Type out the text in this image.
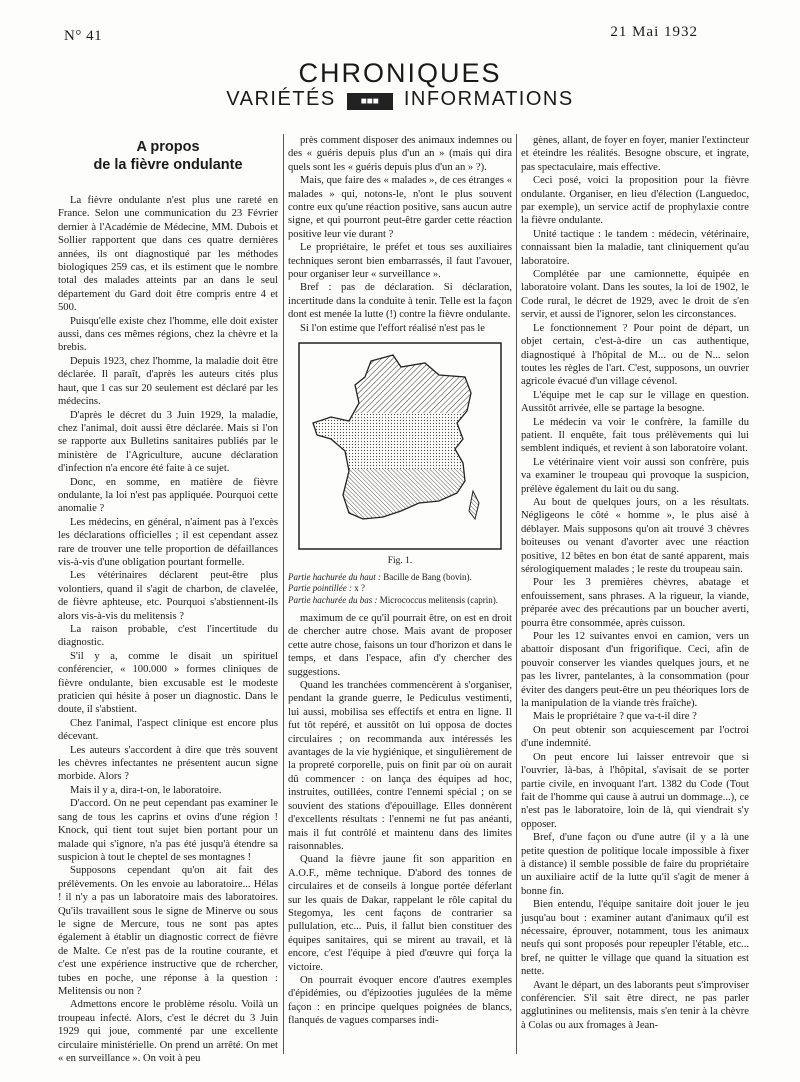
N° 41	21 Mai 1932
CHRONIQUES
VARIÉTÉS	■■■ INFORMATIONS
A propos
de la fièvre ondulante

La fièvre ondulante n'est plus une rareté en France. Selon une communication du 23 Février dernier à l'Académie de Médecine, MM. Dubois et Sollier rapportent que dans ces quatre dernières années, ils ont diagnostiqué par les méthodes biologiques 259 cas, et ils estiment que le nombre total des malades atteints par an dans le seul département du Gard doit être compris entre 4 et 500.

Puisqu'elle existe chez l'homme, elle doit exister aussi, dans ces mêmes régions, chez la chèvre et la brebis.

Depuis 1923, chez l'homme, la maladie doit être déclarée. Il paraît, d'après les auteurs cités plus haut, que 1 cas sur 20 seulement est déclaré par les médecins.

D'après le décret du 3 Juin 1929, la maladie, chez l'animal, doit aussi être déclarée. Mais si l'on se rapporte aux Bulletins sanitaires publiés par le ministère de l'Agriculture, aucune déclaration d'infection n'a encore été faite à ce sujet.

Donc, en somme, en matière de fièvre ondulante, la loi n'est pas appliquée. Pourquoi cette anomalie ?

Les médecins, en général, n'aiment pas à l'excès les déclarations officielles ; il est cependant assez rare de trouver une telle proportion de défaillances vis-à-vis d'une obligation pourtant formelle.

Les vétérinaires déclarent peut-être plus volontiers, quand il s'agit de charbon, de clavelée, de fièvre aphteuse, etc. Pourquoi s'abstiennent-ils alors vis-à-vis du melitensis ?

La raison probable, c'est l'incertitude du diagnostic.

S'il y a, comme le disait un spirituel conférencier, « 100.000 » formes cliniques de fièvre ondulante, bien excusable est le modeste praticien qui hésite à poser un diagnostic. Dans le doute, il s'abstient.

Chez l'animal, l'aspect clinique est encore plus décevant.

Les auteurs s'accordent à dire que très souvent les chèvres infectantes ne présentent aucun signe morbide. Alors ?

Mais il y a, dira-t-on, le laboratoire.

D'accord. On ne peut cependant pas examiner le sang de tous les caprins et ovins d'une région ! Knock, qui tient tout sujet bien portant pour un malade qui s'ignore, n'a pas été jusqu'à étendre sa suspicion à tout le cheptel de ses montagnes !

Supposons cependant qu'on ait fait des prélèvements. On les envoie au laboratoire... Hélas ! il n'y a pas un laboratoire mais des laboratoires. Qu'ils travaillent sous le signe de Minerve ou sous le signe de Mercure, tous ne sont pas aptes également à établir un diagnostic correct de fièvre de Malte. Ce n'est pas de la routine courante, et c'est une expérience instructive que de rchercher, tubes en poche, une réponse à la question : Melitensis ou non ?

Admettons encore le problème résolu. Voilà un troupeau infecté. Alors, c'est le décret du 3 Juin 1929 qui joue, commenté par une excellente circulaire ministérielle. On prend un arrêté. On met « en surveillance ». On voit à peu

près comment disposer des animaux indemnes ou des « guéris depuis plus d'un an » (mais qui dira quels sont les « guéris depuis plus d'un an » ?).

Mais, que faire des « malades », de ces étranges « malades » qui, notons-le, n'ont le plus souvent contre eux qu'une réaction positive, sans aucun autre signe, et qui pourront peut-être garder cette réaction positive leur vie durant ?

Le propriétaire, le préfet et tous ses auxiliaires techniques seront bien embarrassés, il faut l'avouer, pour organiser leur « surveillance ».

Bref : pas de déclaration. Si déclaration, incertitude dans la conduite à tenir. Telle est la façon dont est menée la lutte (!) contre la fièvre ondulante.

Si l'on estime que l'effort réalisé n'est pas le

Fig. 1.
Partie hachurée du haut : Bacille de Bang (bovin).
Partie pointillée : x ?
Partie hachurée du bas : Micrococcus melitensis (caprin).

maximum de ce qu'il pourrait être, on est en droit de chercher autre chose. Mais avant de proposer cette autre chose, faisons un tour d'horizon et dans le temps, et dans l'espace, afin d'y chercher des suggestions.

Quand les tranchées commencèrent à s'organiser, pendant la grande guerre, le Pediculus vestimenti, lui aussi, mobilisa ses effectifs et entra en ligne. Il fut tôt repéré, et aussitôt on lui opposa de doctes circulaires ; on recommanda aux intéressés les avantages de la vie hygiénique, et singulièrement de la propreté corporelle, puis on finit par où on aurait dû commencer : on lança des équipes ad hoc, instruites, outillées, contre l'ennemi spécial ; on se souvient des stations d'épouillage. Elles donnèrent d'excellents résultats : l'ennemi ne fut pas anéanti, mais il fut contrôlé et maintenu dans des limites raisonnables.

Quand la fièvre jaune fit son apparition en A.O.F., même technique. D'abord des tonnes de circulaires et de conseils à longue portée déferlant sur les quais de Dakar, rappelant le rôle capital du Stegomya, les cent façons de contrarier sa pullulation, etc... Puis, il fallut bien constituer des équipes sanitaires, qui se mirent au travail, et là encore, c'est l'équipe à pied d'œuvre qui força la victoire.

On pourrait évoquer encore d'autres exemples d'épidémies, ou d'épizooties jugulées de la même façon : en principe quelques poignées de blancs, flanqués de vagues comparses indi-

gènes, allant, de foyer en foyer, manier l'extincteur et éteindre les réalités. Besogne obscure, et ingrate, pas spectaculaire, mais effective.

Ceci posé, voici la proposition pour la fièvre ondulante. Organiser, en lieu d'élection (Languedoc, par exemple), un service actif de prophylaxie contre la fièvre ondulante.

Unité tactique : le tandem : médecin, vétérinaire, connaissant bien la maladie, tant cliniquement qu'au laboratoire.

Complétée par une camionnette, équipée en laboratoire volant. Dans les soutes, la loi de 1902, le Code rural, le décret de 1929, avec le droit de s'en servir, et aussi de l'ignorer, selon les circonstances.

Le fonctionnement ? Pour point de départ, un objet certain, c'est-à-dire un cas authentique, diagnostiqué à l'hôpital de M... ou de N... selon toutes les règles de l'art. C'est, supposons, un ouvrier agricole évacué d'un village cévenol.

L'équipe met le cap sur le village en question. Aussitôt arrivée, elle se partage la besogne.

Le médecin va voir le confrère, la famille du patient. Il enquête, fait tous prélèvements qui lui semblent indiqués, et revient à son laboratoire volant.

Le vétérinaire vient voir aussi son confrère, puis va examiner le troupeau qui provoque la suspicion, prélève également du lait ou du sang.

Au bout de quelques jours, on a les résultats. Négligeons le côté « homme », le plus aisé à déblayer. Mais supposons qu'on ait trouvé 3 chèvres boiteuses ou venant d'avorter avec une réaction positive, 12 bêtes en bon état de santé apparent, mais sérologiquement malades ; le reste du troupeau sain.

Pour les 3 premières chèvres, abatage et enfouissement, sans phrases. A la rigueur, la viande, préparée avec des précautions par un boucher averti, pourra être consommée, après cuisson.

Pour les 12 suivantes envoi en camion, vers un abattoir disposant d'un frigorifique. Ceci, afin de pouvoir conserver les viandes quelques jours, et ne pas les livrer, pantelantes, à la consommation (pour éviter des dangers peut-être un peu théoriques lors de la manipulation de la viande très fraîche).

Mais le propriétaire ? que va-t-il dire ?

On peut obtenir son acquiescement par l'octroi d'une indemnité.

On peut encore lui laisser entrevoir que si l'ouvrier, là-bas, à l'hôpital, s'avisait de se porter partie civile, en invoquant l'art. 1382 du Code (Tout fait de l'homme qui cause à autrui un dommage...), ce n'est pas le laboratoire, loin de là, qui viendrait s'y opposer.

Bref, d'une façon ou d'une autre (il y a là une petite question de politique locale impossible à fixer à distance) il semble possible de faire du propriétaire un auxiliaire actif de la lutte qu'il s'agit de mener à bonne fin.

Bien entendu, l'équipe sanitaire doit jouer le jeu jusqu'au bout : examiner autant d'animaux qu'il est nécessaire, éprouver, notamment, tous les animaux neufs qui sont proposés pour repeupler l'étable, etc... bref, ne quitter le village que quand la situation est nette.

Avant le départ, un des laborants peut s'improviser conférencier. S'il sait être direct, ne pas parler agglutinines ou melitensis, mais s'en tenir à la chèvre à Colas ou aux fromages à Jean-
